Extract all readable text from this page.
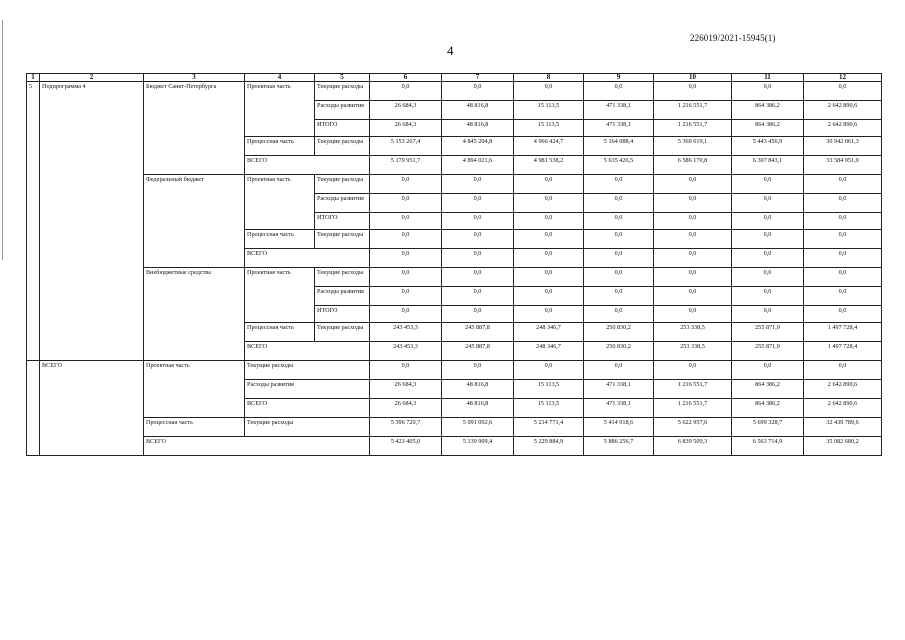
226019/2021-15945(1)
4
1	2	3	4	5	6	7	8	9	10	11	12
5	Подпрограмма 4	Бюджет Санкт-Петербурга	Проектная часть	Текущие расходы	0,0	0,0	0,0	0,0	0,0	0,0	0,0
				Расходы развития	26 684,3	48 816,8	15 113,5	471 338,1	1 216 551,7	864 386,2	2 642 890,6
				ИТОГО	26 684,3	48 816,8	15 113,5	471 338,1	1 216 551,7	864 386,2	2 642 890,6
			Процессная часть	Текущие расходы	5 153 267,4	4 845 204,8	4 966 424,7	5 164 088,4	5 369 619,1	5 443 456,9	30 942 061,3
			ВСЕГО		5 179 951,7	4 894 021,6	4 981 538,2	5 635 426,5	6 586 170,8	6 307 843,1	33 584 951,9
		Федеральный бюджет	Проектная часть	Текущие расходы	0,0	0,0	0,0	0,0	0,0	0,0	0,0
				Расходы развития	0,0	0,0	0,0	0,0	0,0	0,0	0,0
				ИТОГО	0,0	0,0	0,0	0,0	0,0	0,0	0,0
			Процессная часть	Текущие расходы	0,0	0,0	0,0	0,0	0,0	0,0	0,0
			ВСЕГО		0,0	0,0	0,0	0,0	0,0	0,0	0,0
		Внебюджетные средства	Проектная часть	Текущие расходы	0,0	0,0	0,0	0,0	0,0	0,0	0,0
				Расходы развития	0,0	0,0	0,0	0,0	0,0	0,0	0,0
				ИТОГО	0,0	0,0	0,0	0,0	0,0	0,0	0,0
			Процессная часть	Текущие расходы	243 453,3	245 887,8	248 346,7	250 830,2	253 338,5	255 871,9	1 497 728,4
			ВСЕГО		243 453,3	245 887,8	248 346,7	250 830,2	253 338,5	255 871,9	1 497 728,4
	ВСЕГО	Проектная часть	Текущие расходы		0,0	0,0	0,0	0,0	0,0	0,0	0,0
			Расходы развития		26 684,3	48 816,8	15 113,5	471 338,1	1 216 551,7	864 386,2	2 642 890,6
			ВСЕГО		26 684,3	48 816,8	15 113,5	471 338,1	1 216 551,7	864 386,2	2 642 890,6
		Процессная часть	Текущие расходы		5 396 720,7	5 091 092,6	5 214 771,4	5 414 918,6	5 622 957,6	5 699 328,7	32 439 789,6
		ВСЕГО			5 423 405,0	5 139 909,4	5 229 884,9	5 886 256,7	6 839 509,3	6 563 714,9	35 082 680,2
